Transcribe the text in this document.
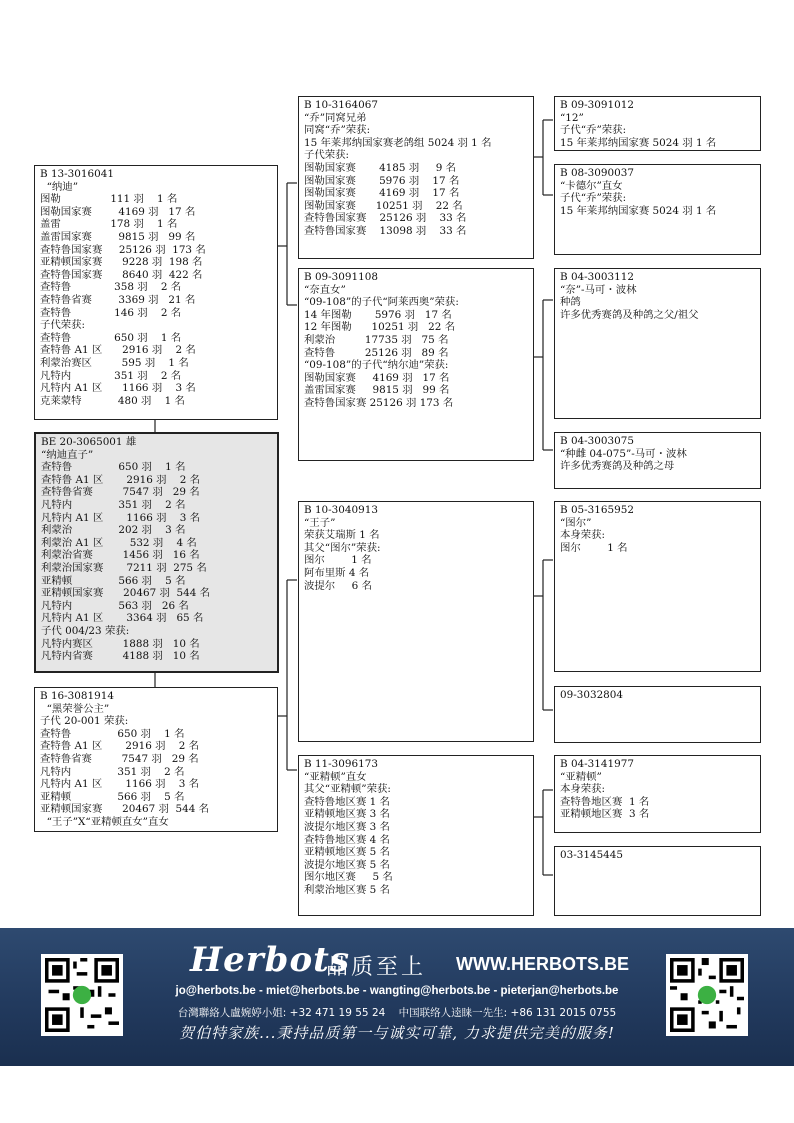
B 13-3016041
“纳迪”
图勒               111 羽    1 名
图勒国家赛        4169 羽   17 名
盖雷               178 羽    1 名
盖雷国家赛        9815 羽   99 名
查特鲁国家赛     25126 羽  173 名
亚精顿国家赛      9228 羽  198 名
查特鲁国家赛      8640 羽  422 名
查特鲁             358 羽    2 名
查特鲁省赛        3369 羽   21 名
查特鲁             146 羽    2 名
子代荣获:
查特鲁             650 羽    1 名
查特鲁 A1 区      2916 羽    2 名
利蒙治赛区         595 羽    1 名
凡特内             351 羽    2 名
凡特内 A1 区      1166 羽    3 名
克莱蒙特           480 羽    1 名
BE 20-3065001 雄
“纳迪直子”
查特鲁              650 羽    1 名
查特鲁 A1 区       2916 羽    2 名
查特鲁省赛         7547 羽   29 名
凡特内              351 羽    2 名
凡特内 A1 区       1166 羽    3 名
利蒙治              202 羽    3 名
利蒙治 A1 区        532 羽    4 名
利蒙治省赛         1456 羽   16 名
利蒙治国家赛       7211 羽  275 名
亚精顿              566 羽    5 名
亚精顿国家赛      20467 羽  544 名
凡特内              563 羽   26 名
凡特内 A1 区       3364 羽   65 名
子代 004/23 荣获:
凡特内赛区         1888 羽   10 名
凡特内省赛         4188 羽   10 名
B 16-3081914
“黑荣誉公主”
子代 20-001 荣获:
查特鲁              650 羽    1 名
查特鲁 A1 区       2916 羽    2 名
查特鲁省赛         7547 羽   29 名
凡特内              351 羽    2 名
凡特内 A1 区       1166 羽    3 名
亚精顿              566 羽    5 名
亚精顿国家赛      20467 羽  544 名
“王子”X“亚精顿直女”直女
B 10-3164067
“乔”同窝兄弟
同窝“乔”荣获:
15 年莱邦纳国家赛老鸽组 5024 羽 1 名
子代荣获:
图勒国家赛       4185 羽     9 名
图勒国家赛       5976 羽    17 名
图勒国家赛       4169 羽    17 名
图勒国家赛      10251 羽    22 名
查特鲁国家赛    25126 羽    33 名
查特鲁国家赛    13098 羽    33 名
B 09-3091108
“奈直女”
“09-108”的子代“阿莱西奥”荣获:
14 年图勒       5976 羽   17 名
12 年图勒      10251 羽   22 名
利蒙治         17735 羽   75 名
查特鲁         25126 羽   89 名
“09-108”的子代“纳尔迪”荣获:
图勒国家赛     4169 羽   17 名
盖雷国家赛     9815 羽   99 名
查特鲁国家赛 25126 羽 173 名
B 10-3040913
“王子”
荣获艾瑞斯 1 名
其父“图尔”荣获:
图尔        1 名
阿布里斯 4 名
波提尔     6 名
B 11-3096173
“亚精顿”直女
其父“亚精顿”荣获:
查特鲁地区赛 1 名
亚精顿地区赛 3 名
波提尔地区赛 3 名
查特鲁地区赛 4 名
亚精顿地区赛 5 名
波提尔地区赛 5 名
图尔地区赛     5 名
利蒙治地区赛 5 名
B 09-3091012
“12”
子代“乔”荣获:
15 年莱邦纳国家赛 5024 羽 1 名
B 08-3090037
“卡德尔”直女
子代“乔”荣获:
15 年莱邦纳国家赛 5024 羽 1 名
B 04-3003112
“奈”-马可・波林
种鸽
许多优秀赛鸽及种鸽之父/祖父
B 04-3003075
“种雌 04-075”-马可・波林
许多优秀赛鸽及种鸽之母
B 05-3165952
“图尔”
本身荣获:
图尔        1 名
09-3032804
B 04-3141977
“亚精顿”
本身荣获:
查特鲁地区赛  1 名
亚精顿地区赛  3 名
03-3145445
Herbots
品质至上 WWW.HERBOTS.BE
jo@herbots.be - miet@herbots.be - wangting@herbots.be - pieterjan@herbots.be
台灣聯絡人盧婉婷小姐: +32 471 19 55 24    中国联络人逵睐一先生: +86 131 2015 0755
贺伯特家族...秉持品质第一与诚实可靠, 力求提供完美的服务!
